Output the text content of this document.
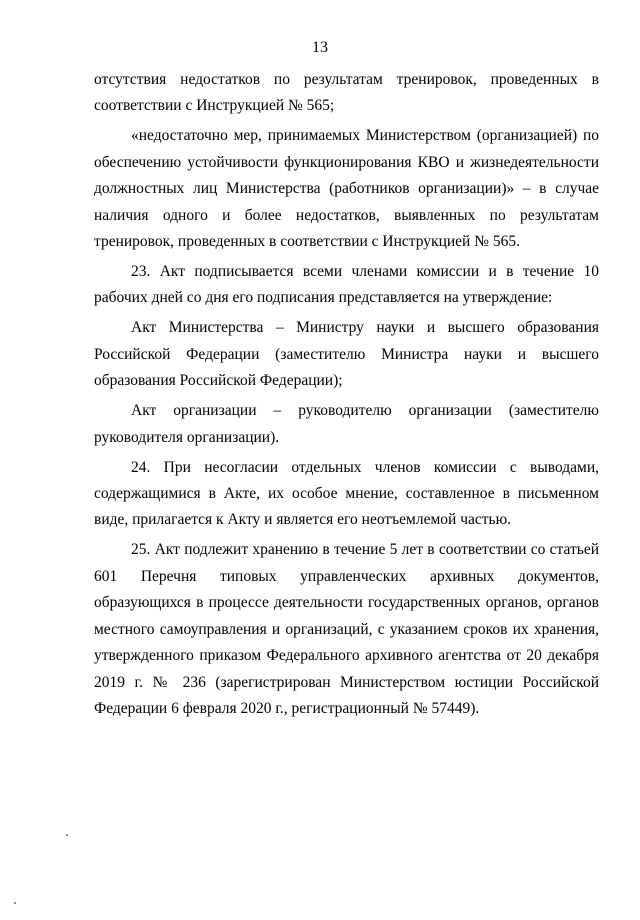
13

отсутствия недостатков по результатам тренировок, проведенных в соответствии с Инструкцией № 565;

«недостаточно мер, принимаемых Министерством (организацией) по обеспечению устойчивости функционирования КВО и жизнедеятельности должностных лиц Министерства (работников организации)» – в случае наличия одного и более недостатков, выявленных по результатам тренировок, проведенных в соответствии с Инструкцией № 565.

23. Акт подписывается всеми членами комиссии и в течение 10 рабочих дней со дня его подписания представляется на утверждение:

Акт Министерства – Министру науки и высшего образования Российской Федерации (заместителю Министра науки и высшего образования Российской Федерации);

Акт организации – руководителю организации (заместителю руководителя организации).

24. При несогласии отдельных членов комиссии с выводами, содержащимися в Акте, их особое мнение, составленное в письменном виде, прилагается к Акту и является его неотъемлемой частью.

25. Акт подлежит хранению в течение 5 лет в соответствии со статьей 601 Перечня типовых управленческих архивных документов, образующихся в процессе деятельности государственных органов, органов местного самоуправления и организаций, с указанием сроков их хранения, утвержденного приказом Федерального архивного агентства от 20 декабря 2019 г. № 236 (зарегистрирован Министерством юстиции Российской Федерации 6 февраля 2020 г., регистрационный № 57449).
